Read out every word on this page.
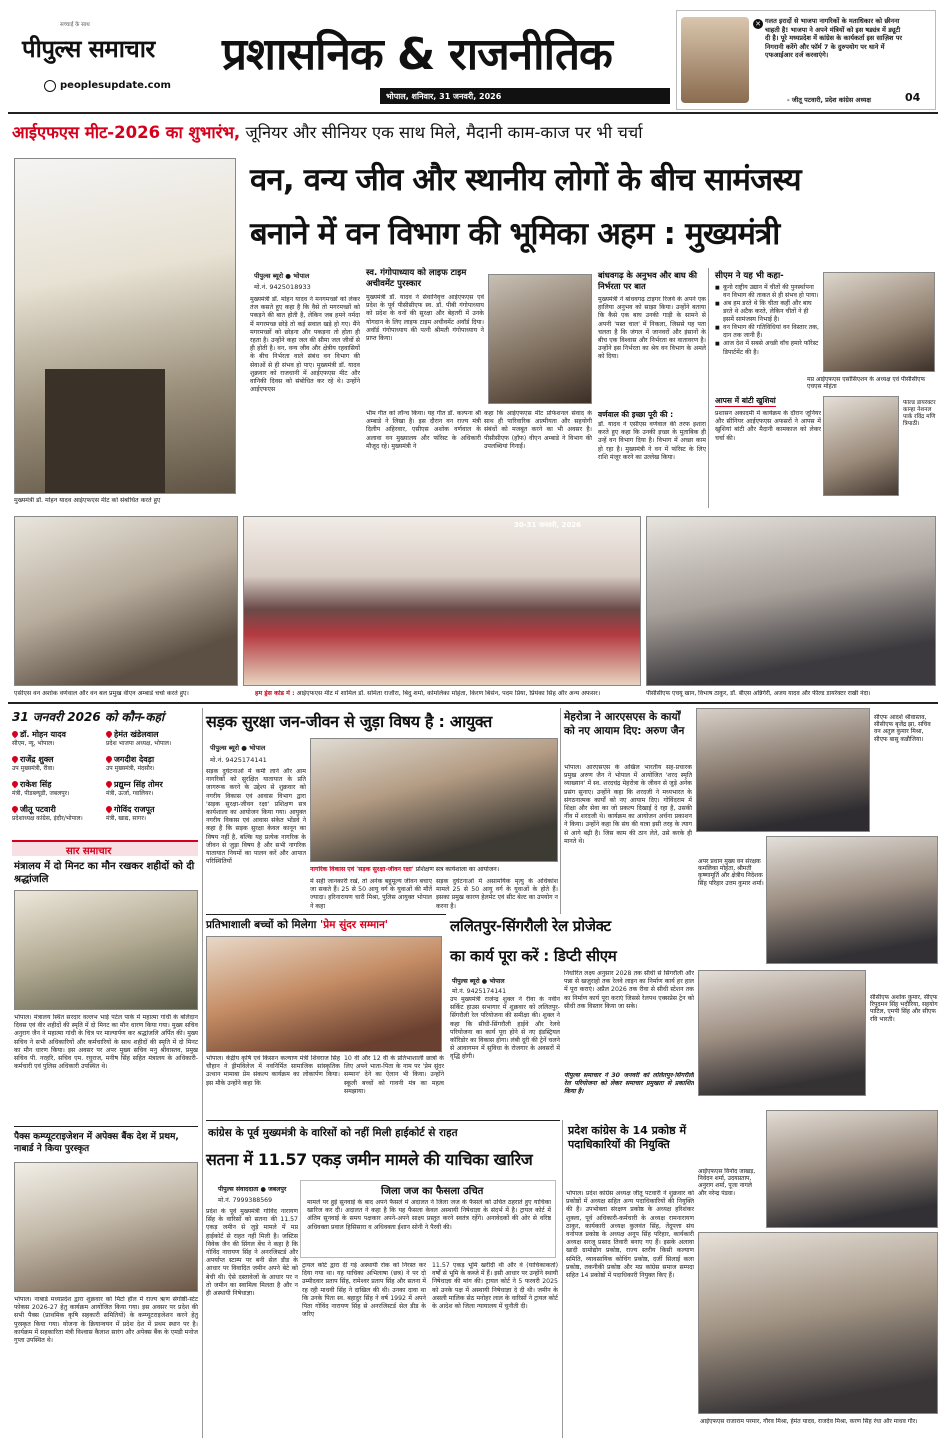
सच्चाई के साथ
पीपुल्स समाचार
peoplesupdate.com
प्रशासनिक & राजनीतिक
भोपाल, शनिवार, 31 जनवरी, 2026
✕ गलत इरादों से भाजपा नागरिकों के मताधिकार को छीनना चाहती है! भाजपा ने अपने मंत्रियों को इस षड्यंत्र में ड्यूटी दी है। पूरे मध्यप्रदेश में कांग्रेस के कार्यकर्ता इस साज़िश पर निगरानी करेंगे और फॉर्म 7 के दुरुपयोग पर थाने में एफआईआर दर्ज करवाएंगे।
- जीतू पटवारी, प्रदेश कांग्रेस अध्यक्ष	04
आईएफएस मीट-2026 का शुभारंभ, जूनियर और सीनियर एक साथ मिले, मैदानी काम-काज पर भी चर्चा
वन, वन्य जीव और स्थानीय लोगों के बीच सामंजस्य
बनाने में वन विभाग की भूमिका अहम : मुख्यमंत्री
मुख्यमंत्री डॉ. मोहन यादव आईएफएस मीट को संबोधित करते हुए
पीपुल्स ब्यूरो ● भोपाल
मो.नं. 9425018933
मुख्यमंत्री डॉ. मोहन यादव ने मनगमच्छों को लेकर तंज कसते हुए कहा है कि वैसे तो मगरमच्छों को पकड़ने की बात होती है, लेकिन जब हमने नर्मदा में मगरमच्छ छोड़े तो कई सवाल खड़े हो गए। मैंने मगरमच्छों को छोड़ना और पकड़ना तो होता ही रहता है। उन्होंने कहा जल की सीमा जल जीवों से ही होती है। वन, वन्य जीव और क्षेत्रीय रहवासियों के बीच निर्भरता वाले संबंध वन विभाग की सेवाओं से ही संभव हो पाए। मुख्यमंत्री डॉ. यादव शुक्रवार को राजधानी में आईएफएस मीट और वानिकी दिवस को संबोधित कर रहे थे। उन्होंने आईएफएस
भीम गीत को लॉन्च किया। यह गीत डॉ. कल्पना श्री अम्बाडे ने लिखा है। इस दौरान वन राज्य मंत्री दिलीप अहिरवार, एसीएस अशोक वर्णवाल के अलावा वन मुख्यालय और फॉरेस्ट के अधिकारी मौजूद रहे। मुख्यमंत्री ने
कहा कि आईएफएस मीट प्रोफेशनल संवाद के साथ ही पारिवारिक आत्मीयता और सहयोगी संबंधों को मजबूत करने का भी अवसर है। पीसीसीएफ (हॉफ) वीएन अम्बाडे ने विभाग की उपलब्धियां गिनाईं।
स्व. गंगोपाध्याय को लाइफ टाइम अचीवमेंट पुरस्कार
मुख्यमंत्री डॉ. यादव ने सेवानिवृत्त आईएफएस एवं प्रदेश के पूर्व पीसीसीएफ स्व. डॉ. पीबी गंगोपाध्याय को प्रदेश के वनों की सुरक्षा और बेहतरी में उनके योगदान के लिए लाइफ टाइम अचीवमेंट अवॉर्ड दिया। अवॉर्ड गंगोपाध्याय की पत्नी श्रीमती गंगोपाध्याय ने प्राप्त किया।
बांधवगढ़ के अनुभव और बाघ की निर्भरता पर बात
मुख्यमंत्री ने बांधवगढ़ टाइगर रिजर्व के अपने एक हालिया अनुभव को साझा किया। उन्होंने बताया कि कैसे एक बाघ उनकी गाड़ी के सामने से अपनी 'मस्त चाल' में निकला, जिससे यह पता चलता है कि जंगल में जानवरों और इंसानों के बीच एक विश्वास और निर्भरता का वातावरण है। उन्होंने इस निर्भरता का श्रेय वन विभाग के अमले को दिया।
वर्णवाल की इच्छा पूरी की :
डॉ. यादव ने एसीएस वर्णवाल की तरफ इशारा करते हुए कहा कि उनकी इच्छा के मुताबिक ही उन्हें वन विभाग दिया है। विभाग में अच्छा काम हो रहा है। मुख्यमंत्री ने वन में फॉरेस्ट के लिए राशि मंजूर करने का उल्लेख किया।
सीएम ने यह भी कहा-
■ कूनो राष्ट्रीय उद्यान में चीतों की पुनर्स्थापना वन विभाग की ताकत से ही संभव हो पाया।
■ अब हम डरते थे कि चीता कहीं और बाघ डरते थे अटैक करते, लेकिन चीतों ने ही इसमें सामंजस्य निभाई है।
■ वन विभाग की गतिविधियां वन विस्तार तक, दान तक जानी हैं।
■ आज देश में सबसे अच्छी वॉच हमारे फॉरेस्ट डिपार्टमेंट की है।
मप्र आईएफएस एसोसिएशन के अध्यक्ष एवं पीसीसीएफ एचएस मोहंता
आपस में बांटी खुशियां
प्रशासन अकादमी में कार्यक्रम के दौरान जूनियर और सीनियर आईएफएस अफसरों ने आपस में खुशियां बांटी और मैदानी कामकाज को लेकर चर्चा की।
फील्ड डायरेक्टर कान्हा नेशनल पार्क रविंद्र मणि त्रिपाठी।
30-31 जनवरी, 2026
एसीएस वन अशोक वर्णवाल और वन बल प्रमुख वीएन अम्बाडे चर्चा करते हुए।	हम ड्रेस कोड में : आईएफएस मीट में शामिल डॉ. समिता राजौरा, बिंदु शर्मा, कोमलिका मोहंता, किरण बिसेन, पदम प्रिया, प्रियंका सिंह और अन्य अफसर।	पीसीसीएफ एचयू खान, विभाष ठाकुर, डॉ. बीएस अन्निगेरी, अजय यादव और फील्ड डायरेक्टर राखी नंदा।
31 जनवरी 2026 को कौन-कहां
डॉ. मोहन यादव
सीएम, न्यू, भोपाल।
हेमंत खंडेलवाल
प्रदेश भाजपा अध्यक्ष, भोपाल।
राजेंद्र शुक्ल
उप मुख्यमंत्री, रीवा।
जगदीश देवड़ा
उप मुख्यमंत्री, मंदसौर।
राकेश सिंह
मंत्री, पीडब्ल्यूडी, जबलपुर।
प्रद्युम्न सिंह तोमर
मंत्री, ऊर्जा, ग्वालियर।
जीतू पटवारी
प्रदेशाध्यक्ष कांग्रेस, इंदौर/भोपाल।
गोविंद राजपूत
मंत्री, खाद्य, सागर।
सार समाचार
मंत्रालय में दो मिनट का मौन रखकर शहीदों को दी श्रद्धांजलि
भोपाल। मंत्रालय स्थित सरदार वल्लभ भाई पटेल पार्क में महात्मा गांधी के बलिदान दिवस एवं वीर शहीदों की स्मृति में दो मिनट का मौन धारण किया गया। मुख्य सचिव अनुराग जैन ने महात्मा गांधी के चित्र पर माल्यार्पण कर श्रद्धांजलि अर्पित की। मुख्य सचिव ने सभी अधिकारियों और कर्मचारियों के साथ शहीदों की स्मृति में दो मिनट का मौन धारण किया। इस अवसर पर अपर मुख्य सचिव मनु श्रीवास्तव, प्रमुख सचिव पी. नरहरि, सचिव एम. रघुराज, मनीष सिंह सहित मंत्रालय के अधिकारी-कर्मचारी एवं पुलिस अधिकारी उपस्थित थे।
पैक्स कम्प्यूटराइजेशन में अपेक्स बैंक देश में प्रथम, नाबार्ड ने किया पुरस्कृत
भोपाल। नाबार्ड मध्यप्रदेश द्वारा शुक्रवार को मिंटो हॉल में राज्य ऋण संगोष्ठी-स्टेट फोकस 2026-27 हेतु कार्यक्रम आयोजित किया गया। इस अवसर पर प्रदेश की सभी पैक्स (प्राथमिक कृषि सहकारी समितियों) के कम्प्यूटराइजेशन करने हेतु पुरस्कृत किया गया। योजना के क्रियान्वयन में प्रदेश देश में प्रथम स्थान पर है। कार्यक्रम में सहकारिता मंत्री विश्वास कैलाश सारंग और अपेक्स बैंक के एमडी मनोज गुप्ता उपस्थित थे।
सड़क सुरक्षा जन-जीवन से जुड़ा विषय है : आयुक्त
पीपुल्स ब्यूरो ● भोपाल
मो.नं. 9425174141
नागरिक विकास एवं 'सड़क सुरक्षा-जीवन रक्षा' प्रशिक्षण सत्र कार्यशाला का आयोजन।
सड़क दुर्घटनाओं में कमी लाने और आम नागरिकों को सुरक्षित यातायात के प्रति जागरूक करने के उद्देश्य से शुक्रवार को नगरीय विकास एवं आवास विभाग द्वारा 'सड़क सुरक्षा-जीवन रक्षा' प्रशिक्षण सत्र कार्यशाला का आयोजन किया गया। आयुक्त नगरीय विकास एवं आवास संकेत भोंडवे ने कहा है कि सड़क सुरक्षा केवल कानून का विषय नहीं है, बल्कि यह प्रत्येक नागरिक के जीवन से जुड़ा विषय है और सभी नागरिक यातायात नियमों का पालन करें और आपात परिस्थितियों
में सही जानकारी रखें, तो अनेक बहुमूल्य जीवन बचाए जा सकते हैं। 25 से 50 आयु वर्ग के युवाओं की मौतें ज्यादा। हरिनारायण चारी मिश्रा, पुलिस आयुक्त भोपाल ने कहा
सड़क दुर्घटनाओं में असामयिक मृत्यु के अधिकांश मामले 25 से 50 आयु वर्ग के युवाओं के होते हैं। इसका प्रमुख कारण हेलमेट एवं सीट बेल्ट का उपयोग न करना है।
प्रतिभाशाली बच्चों को मिलेगा 'प्रेम सुंदर सम्मान'
भोपाल। केंद्रीय कृषि एवं किसान कल्याण मंत्री शिवराज सिंह चौहान ने ड्रीमविलेज में नवनिर्मित सामाजिक सांस्कृतिक उत्थान मामाबा प्रेम संकल्प कार्यक्रम का लोकार्पण किया। इस मौके उन्होंने कहा कि
10 वीं और 12 वीं के प्रतिभाशाली छात्रों के लिए अपने भाता-पिता के नाम पर 'प्रेम सुंदर सम्मान' देने का ऐलान भी किया। उन्होंने स्कूली बच्चों को गावनी मंत्र का महत्व समझाया।
ललितपुर-सिंगरौली रेल प्रोजेक्ट
का कार्य पूरा करें : डिप्टी सीएम
पीपुल्स ब्यूरो ● भोपाल
मो.नं. 9425174141
उप मुख्यमंत्री राजेन्द्र शुक्ल ने रीवा के नवीन सर्किट हाउस सभागार में शुक्रवार को ललितपुर-सिंगरौली रेल परियोजना की समीक्षा की। शुक्ल ने कहा कि सीधी-सिंगरौली हाईवे और रेलवे परियोजना का कार्य पूरा होने से नए इंडस्ट्रियल कॉरिडोर का विकास होगा। लंबी दूरी की ट्रेनें चलने से आवागमन में सुविधा के रोजगार के अवसरों में वृद्धि होगी।
निर्धारित लक्ष्य अनुसार 2028 तक सीधी से सिंगरौली और पन्ना से खजुराहो तक रेलवे लाइन का निर्माण कार्य हर हाल में पूरा कराएं। अप्रैल 2026 तक रीवा से सीधी स्टेशन तक का निर्माण कार्य पूरा कराएं जिससे रेलपथ एक्सप्रेस ट्रेन को सीधी तक विस्तार किया जा सके।
पीपुल्स समाचार ने 30 जनवरी को ललितपुर-सिंगरौली रेल परियोजना को लेकर समाचार प्रमुखता से प्रकाशित किया है।
मेहरोत्रा ने आरएसएस के कार्यों को नए आयाम दिए: अरुण जैन
भोपाल। आरएसएस के अखिल भारतीय सह-प्रचारक प्रमुख अरुण जैन ने भोपाल में आयोजित 'शरद स्मृति व्याख्यान' में स्व. शरदचंद्र मेहरोत्रा के जीवन से जुड़े अनेक प्रसंग सुनाए। उन्होंने कहा कि शरदजी ने मध्यभारत के संगठनात्मक कार्यों को नए आयाम दिए। गोविंदराम में शिक्षा और सेवा का जो प्रकल्प दिखाई दे रहा है, उसकी नींव में शरदजी थे। कार्यक्रम का आयोजन अर्चना प्रकाशन ने किया। उन्होंने कहा कि संघ की यात्रा इसी तरह के त्याग से आगे बढ़ी है। जिस काम की ठान लेते, उसे करके ही मानते थे।
सीएफ आदर्श श्रीवास्तव, सीसीएफ बृजेंद्र झा, सचिव वन अतुल कुमार मिश्रा, सीएफ बासु कन्नौजिया।
अपर प्रधान मुख्य वन संरक्षक कमलिका मोहंता, श्रीमती कृष्णामूर्ति और क्षेत्रीय निदेशक सिंह परिहार उत्तम कुमार शर्मा।
सीसीएफ अशोक कुमार, सीएफ रिपुदमन सिंह भदौरिया, सहयोग पाटिल, एमपी सिंह और सीएफ रवि भारती।
कांग्रेस के पूर्व मुख्यमंत्री के वारिसों को नहीं मिली हाईकोर्ट से राहत
सतना में 11.57 एकड़ जमीन मामले की याचिका खारिज
पीपुल्स संवाददाता ● जबलपुर
मो.नं. 7999388569
जिला जज का फैसला उचित
मामले पर हुई सुनवाई के बाद अपने फैसले में अदालत ने जिला जज के फैसले को उचित ठहराते हुए याचिका खारिज कर दी। अदालत ने कहा है कि यह फैसला केवल अस्थायी निषेधाज्ञा के संदर्भ में है। ट्रायल कोर्ट में अंतिम सुनवाई के समय पक्षकार अपने-अपने साक्ष्य प्रस्तुत करने स्वतंत्र रहेंगे। अनावेदकों की ओर से वरिष्ठ अधिवक्ता प्रवाल हिसिसारा व अधिवक्ता ईशान सोनी ने पैरवी की।
प्रदेश के पूर्व मुख्यमंत्री गोविंद नारायण सिंह के वारिसों को सतना की 11.57 एकड़ जमीन से जुड़े मामले में मप्र हाईकोर्ट से राहत नहीं मिली है। जस्टिस विवेक जैन की सिंगल बेंच ने कहा है कि गोविंद नारायण सिंह ने अनरजिस्टर्ड और अपर्याप्त स्टाम्प पर बनी सेल डीड के आधार पर विवादित जमीन अपने बेटे को बेची थी। ऐसे दस्तावेजों के आधार पर न तो जमीन का स्वामित्व मिलता है और न ही अस्थायी निषेधाज्ञा।
ट्रायल कोर्ट द्वारा दी गई अस्थायी रोक को निरस्त कर दिया गया था। यह याचिका अभिलाषा (छत्र) ने पर दो उम्मीदवार प्रताप सिंह, रामेश्वर प्रताप सिंह और सतना में रह रही माधवी सिंह ने दाखिल की थी। उनका दावा था कि उनके पिता स्व. बहादुर सिंह ने वर्ष 1992 में अपने पिता गोविंद नारायण सिंह से अनरजिस्टर्ड सेल डीड के जरिए
11.57 एकड़ भूमि खरीदी थी और वे (याचिकाकर्ता) वर्षों से भूमि के कब्जे में हैं। इसी आधार पर उन्होंने स्थायी निषेधाज्ञा की मांग की। ट्रायल कोर्ट ने 5 फरवरी 2025 को उनके पक्ष में अस्थायी निषेधाज्ञा दे दी थी। जमीन के असली मालिक सेठ मनोहर लाल के वारिसों ने ट्रायल कोर्ट के आदेश को जिला न्यायालय में चुनौती दी।
प्रदेश कांग्रेस के 14 प्रकोष्ठ में पदाधिकारियों की नियुक्ति
भोपाल। प्रदेश कांग्रेस अध्यक्ष जीतू पटवारी ने शुक्रवार को प्रकोष्ठों में अध्यक्ष सहित अन्य पदाधिकारियों की नियुक्ति की है। उपभोक्ता संरक्षण प्रकोष्ठ के अध्यक्ष हरिशंकर शुक्ला, पूर्व अधिकारी-कर्मचारी के अध्यक्ष रामनारायण ठाकुर, कार्यकारी अध्यक्ष कुलवंत सिंह, तेंदूपत्ता संघ वनोपज प्रकोष्ठ के अध्यक्ष अनूप सिंह परिहार, कार्यकारी अध्यक्ष सरजू प्रसाद तिवारी बनाए गए हैं। इसके अलावा खादी ग्रामोद्योग प्रकोष्ठ, राज्य स्तरीय किसी कल्याण समिति, व्यावसायिक कोचिंग प्रकोष्ठ, दर्जी सिलाई कला प्रकोष्ठ, तकनीकी प्रकोष्ठ और मप्र कांग्रेस समाज सम्पदा सहित 14 प्रकोष्ठों में पदाधिकारी नियुक्त किए हैं।
आईएफएस विनोद जाखड़, निवेदन शर्मा, उदयप्रताप, अनुराग शर्मा, पूजा नागले और नरेन्द्र पंडवा।
आईएफएस राजाराम परमार, गौरव मिश्रा, हेमंत यादव, राजदेव मिश्रा, करण सिंह रंधा और माधव गौर।
